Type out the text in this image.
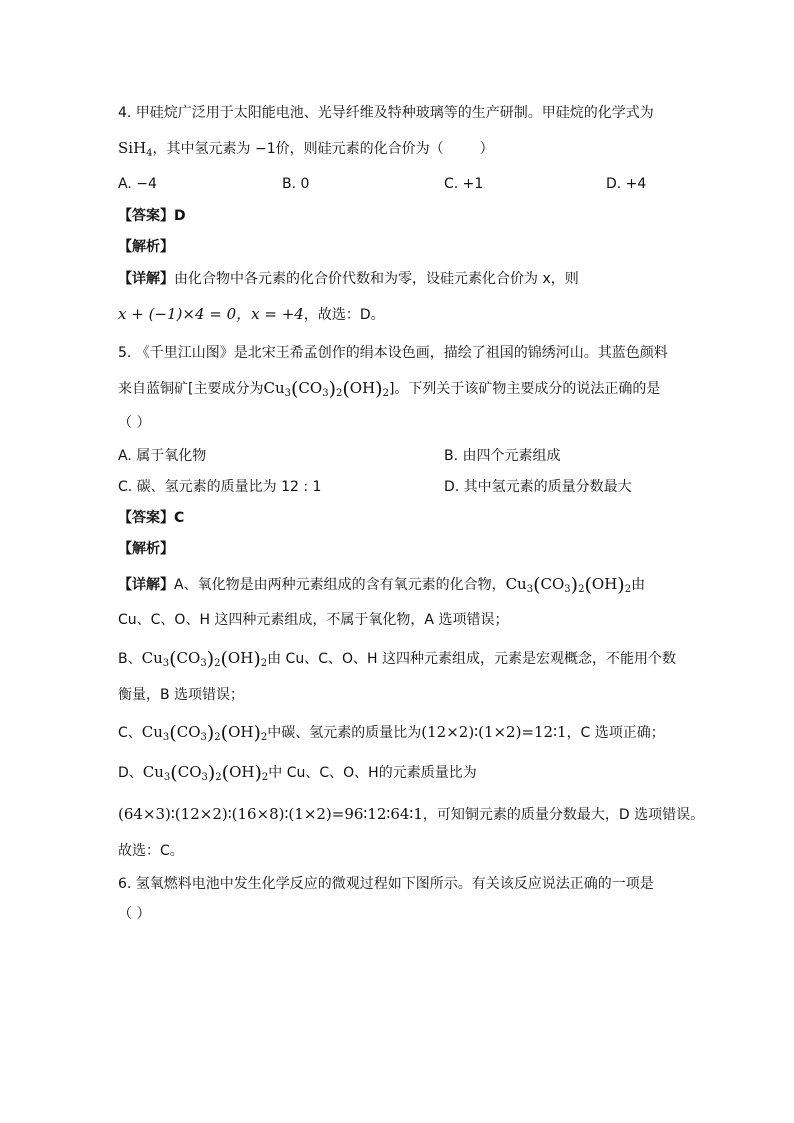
4. 甲硅烷广泛用于太阳能电池、光导纤维及特种玻璃等的生产研制。甲硅烷的化学式为
SiH$_4$，其中氢元素为 −1价，则硅元素的化合价为（	）
A. −4	B. 0	C. +1	D. +4
【答案】D
【解析】
【详解】由化合物中各元素的化合价代数和为零，设硅元素化合价为 x，则
x + (−1)×4 = 0，x = +4，故选：D。
5. 《千里江山图》是北宋王希孟创作的绢本设色画，描绘了祖国的锦绣河山。其蓝色颜料
来自蓝铜矿[主要成分为$Cu_3(CO_3)_2(OH)_2$]。下列关于该矿物主要成分的说法正确的是
（ ）
A. 属于氧化物	B. 由四个元素组成
C. 碳、氢元素的质量比为 12 : 1	D. 其中氢元素的质量分数最大
【答案】C
【解析】
【详解】A、氧化物是由两种元素组成的含有氧元素的化合物，$Cu_3(CO_3)_2(OH)_2$由
Cu、C、O、H 这四种元素组成，不属于氧化物，A 选项错误；
B、$Cu_3(CO_3)_2(OH)_2$由 Cu、C、O、H 这四种元素组成，元素是宏观概念，不能用个数
衡量，B 选项错误；
C、$Cu_3(CO_3)_2(OH)_2$中碳、氢元素的质量比为(12×2)∶(1×2)=12∶1，C 选项正确；
D、$Cu_3(CO_3)_2(OH)_2$中 Cu、C、O、H的元素质量比为
(64×3)∶(12×2)∶(16×8)∶(1×2)=96∶12∶64∶1，可知铜元素的质量分数最大，D 选项错误。
故选：C。
6. 氢氧燃料电池中发生化学反应的微观过程如下图所示。有关该反应说法正确的一项是
（ ）
